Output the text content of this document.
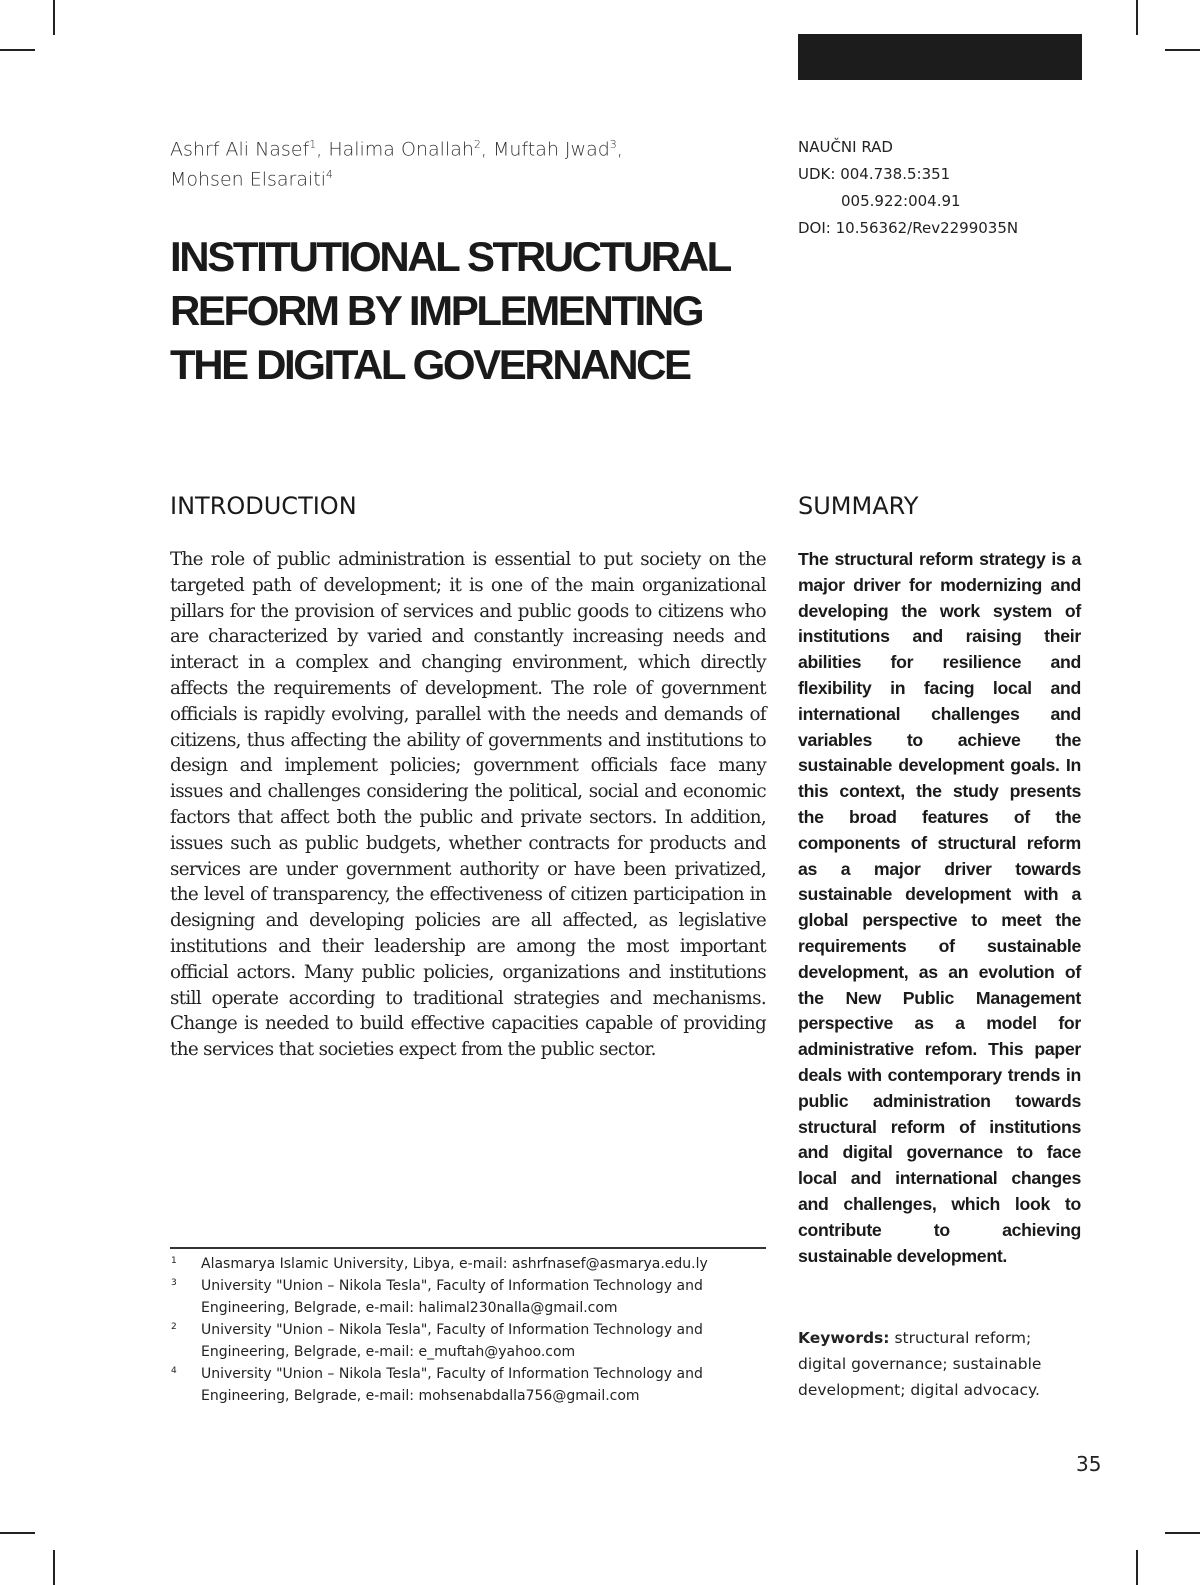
Ashrf Ali Nasef$^1$, Halima Onallah$^2$, Muftah Jwad$^3$,
Mohsen Elsaraiti$^4$
NAUČNI RAD
UDK: 004.738.5:351
005.922:004.91
DOI: 10.56362/Rev2299035N
INSTITUTIONAL STRUCTURAL
REFORM BY IMPLEMENTING
THE DIGITAL GOVERNANCE
INTRODUCTION

The role of public administration is essential to put society on the targeted path of development; it is one of the main organizational pillars for the provision of services and public goods to citizens who are characterized by varied and constantly increasing needs and interact in a complex and changing environment, which directly affects the requirements of development. The role of government officials is rapidly evolving, parallel with the needs and demands of citizens, thus affecting the ability of governments and institutions to design and implement policies; government officials face many issues and challenges considering the political, social and economic factors that affect both the public and private sectors. In addition, issues such as public budgets, whether contracts for products and services are under government authority or have been privatized, the level of transparency, the effectiveness of citizen participation in designing and developing policies are all affected, as legislative institutions and their leadership are among the most important official actors. Many public policies, organizations and institutions still operate according to traditional strategies and mechanisms. Change is needed to build effective capacities capable of providing the services that societies expect from the public sector.

SUMMARY

The structural reform strategy is a major driver for modernizing and developing the work system of institutions and raising their abilities for resilience and flexibility in facing local and international challenges and variables to achieve the sustainable development goals. In this context, the study presents the broad features of the components of structural reform as a major driver towards sustainable development with a global perspective to meet the requirements of sustainable development, as an evolution of the New Public Management perspective as a model for administrative refom. This paper deals with contemporary trends in public administration towards structural reform of institutions and digital governance to face local and international changes and challenges, which look to contribute to achieving sustainable development.

Keywords: structural reform; digital governance; sustainable development; digital advocacy.

1 Alasmarya Islamic University, Libya, e-mail: ashrfnasef@asmarya.edu.ly
3 University "Union – Nikola Tesla", Faculty of Information Technology and Engineering, Belgrade, e-mail: halimal230nalla@gmail.com
2 University "Union – Nikola Tesla", Faculty of Information Technology and Engineering, Belgrade, e-mail: e_muftah@yahoo.com
4 University "Union – Nikola Tesla", Faculty of Information Technology and Engineering, Belgrade, e-mail: mohsenabdalla756@gmail.com
35
